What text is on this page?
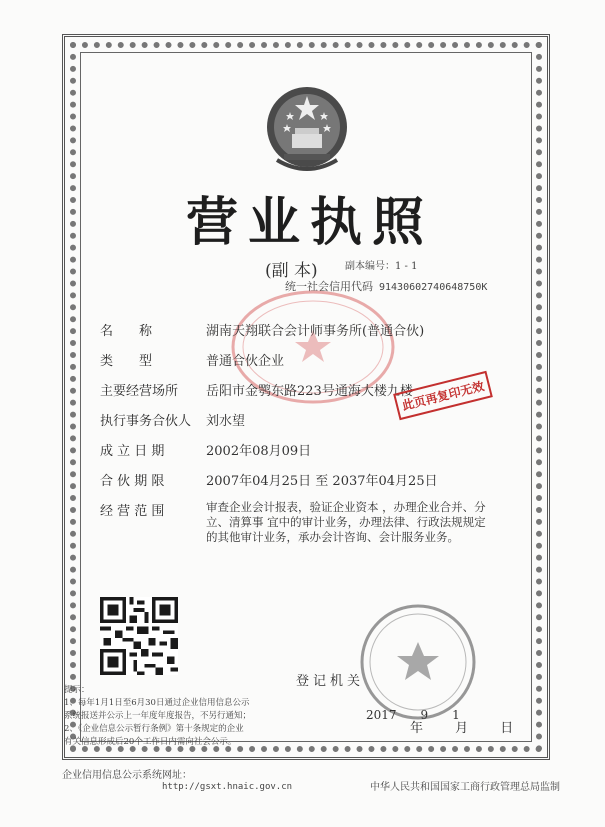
营业执照
(副 本)	副本编号：1 - 1
统一社会信用代码 91430602740648750K
名　　称	湖南天翔联合会计师事务所(普通合伙)
类　　型	普通合伙企业
主要经营场所	岳阳市金鹗东路223号通海大楼九楼
执行事务合伙人 刘水望
成 立 日 期	2002年08月09日
合 伙 期 限	2007年04月25日 至 2037年04月25日
经 营 范 围	审查企业会计报表，验证企业资本 ，办理企业合并、分立、清算事 宜中的审计业务，办理法律、行政法规规定的其他审计业务，承办会计咨询、会计服务业务。
此页再复印无效
登记机关
2017　　9　　1
年 月 日
提示：
1、每年1月1日至6月30日通过企业信用信息公示
系统报送并公示上一年度年度报告，不另行通知；
2、《企业信息公示暂行条例》第十条规定的企业
有关信息形成后20个工作日内需向社会公示。
企业信用信息公示系统网址：
http://gsxt.hnaic.gov.cn	中华人民共和国国家工商行政管理总局监制
